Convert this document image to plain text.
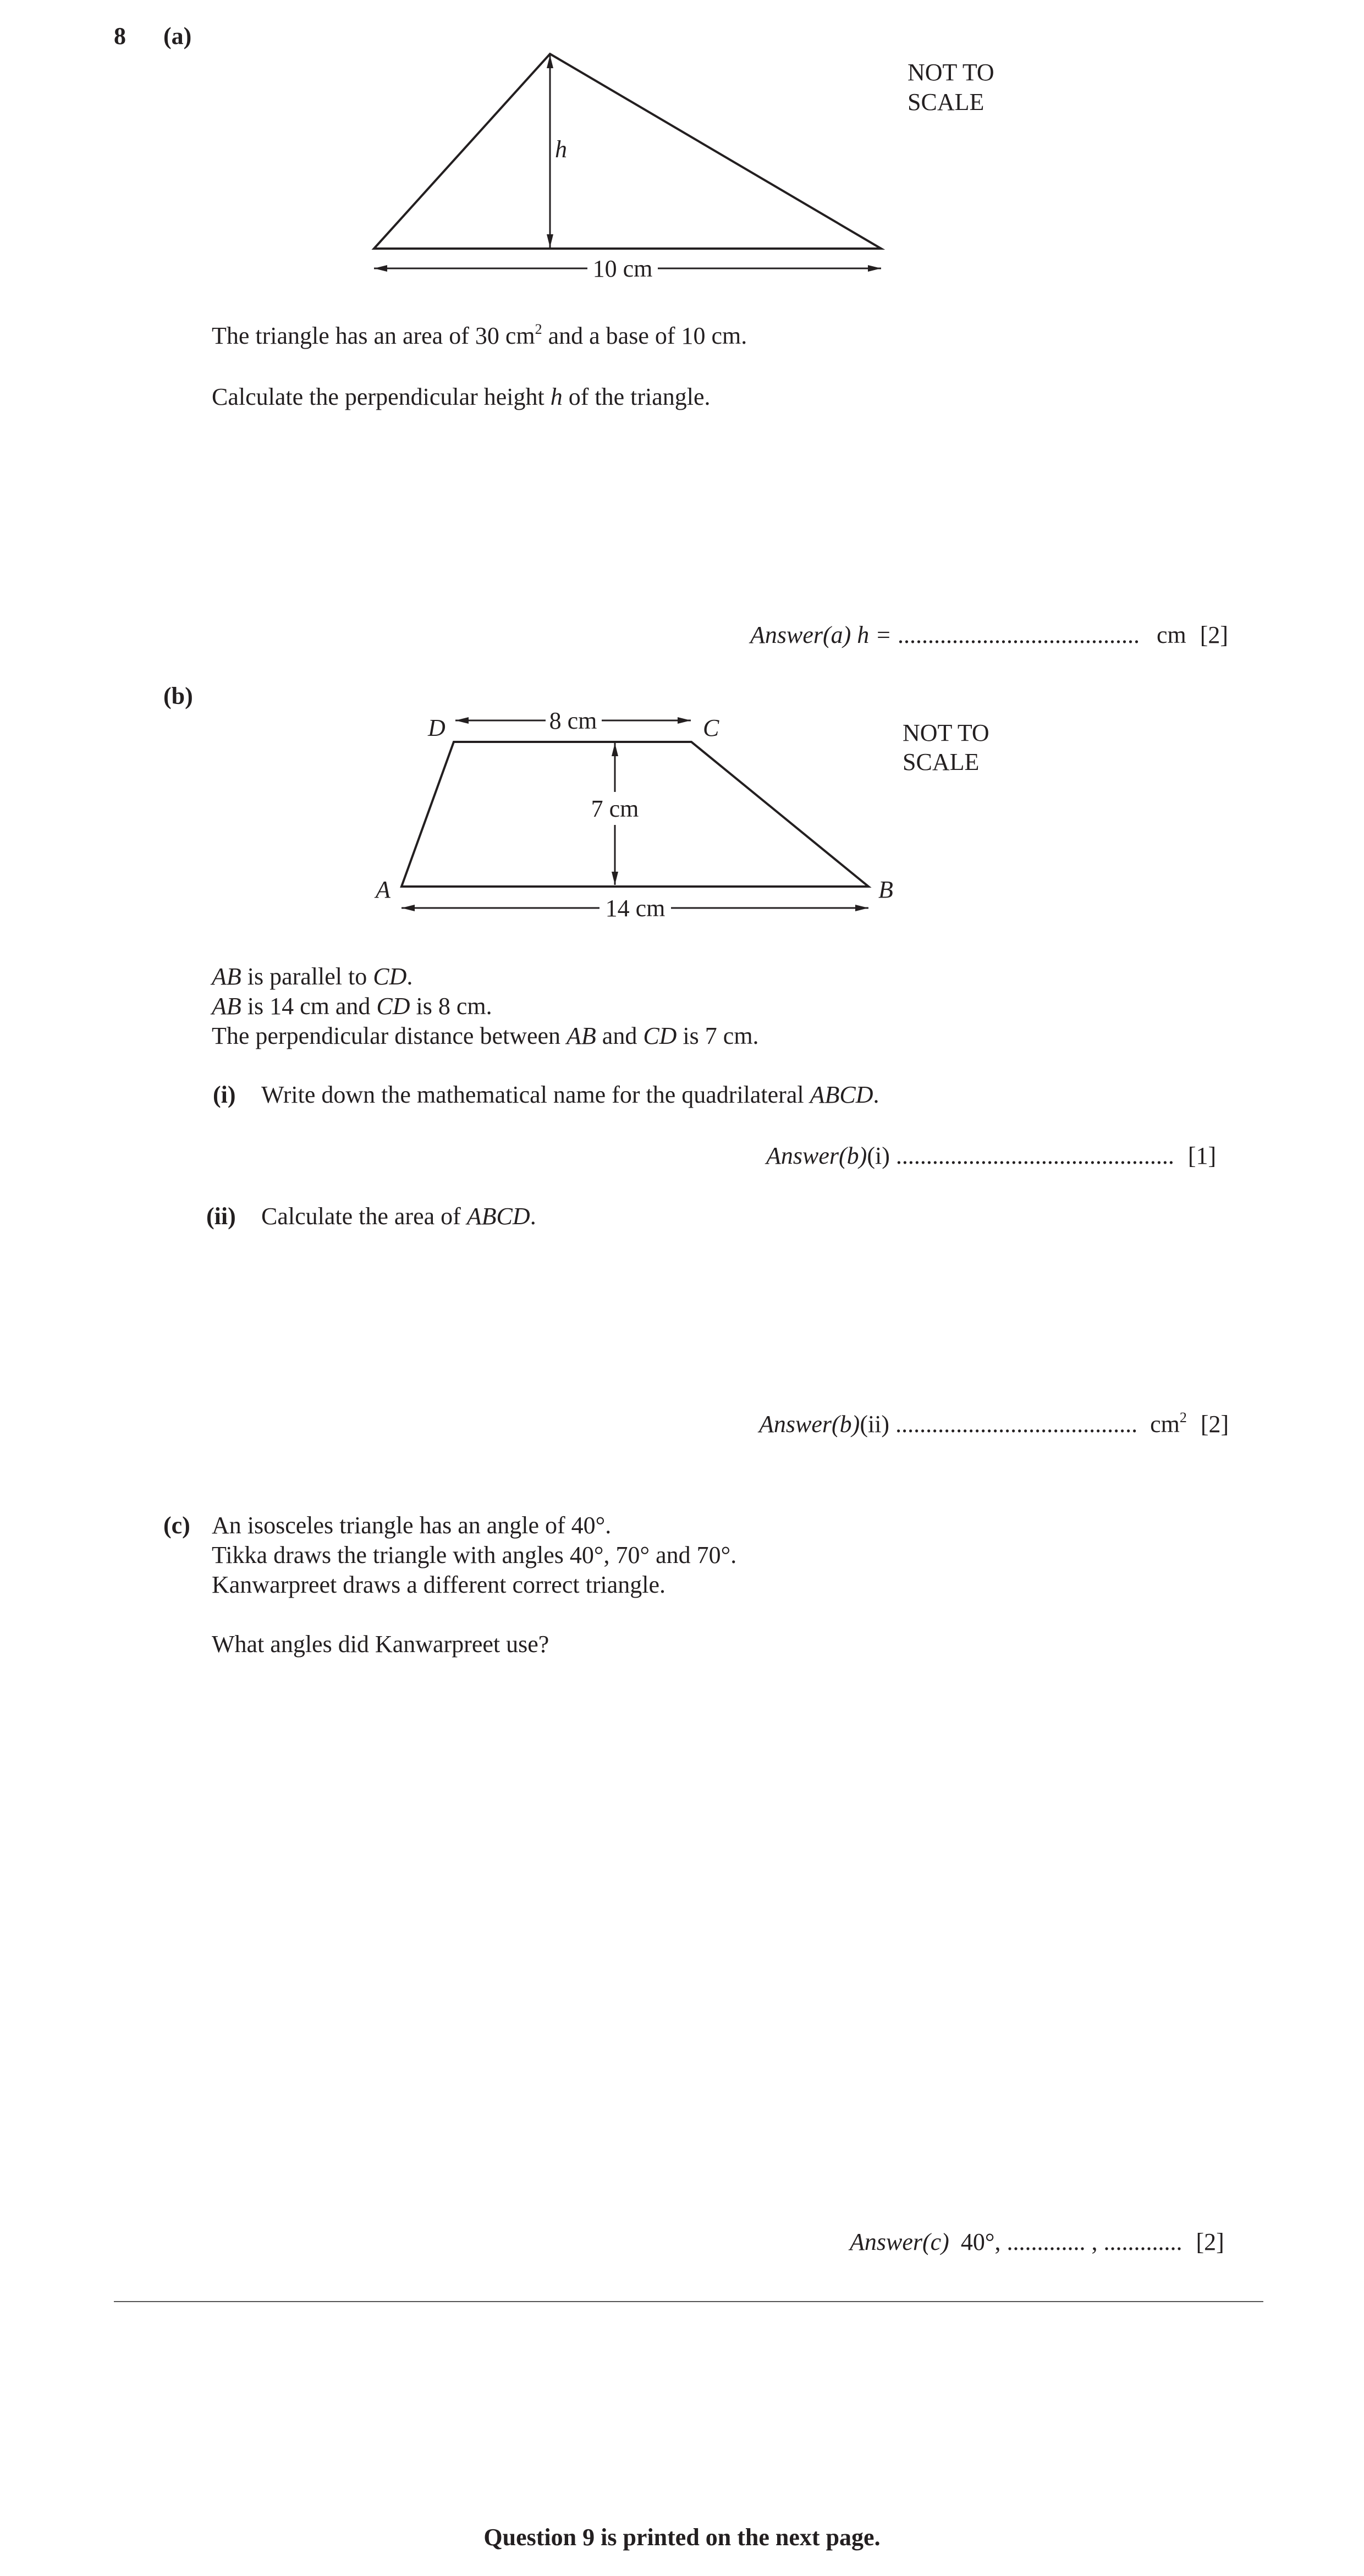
8 (a)
h
10 cm
NOT TO
SCALE
The triangle has an area of 30 $cm^2$ and a base of 10 cm.
Calculate the perpendicular height h of the triangle.
Answer(a) h = ........................................ cm [2]
(b)
8 cm
7 cm
14 cm
D	C
A	B
NOT TO
SCALE
AB is parallel to CD.
AB is 14 cm and CD is 8 cm.
The perpendicular distance between AB and CD is 7 cm.
(i) Write down the mathematical name for the quadrilateral ABCD.
Answer(b)(i) .............................................. [1]
(ii) Calculate the area of ABCD.
Answer(b)(ii) ........................................ $cm^2$ [2]
(c) An isosceles triangle has an angle of 40°.
Tikka draws the triangle with angles 40°, 70° and 70°.
Kanwarpreet draws a different correct triangle.
What angles did Kanwarpreet use?
Answer(c) 40°, ............. , ............. [2]
Question 9 is printed on the next page.
